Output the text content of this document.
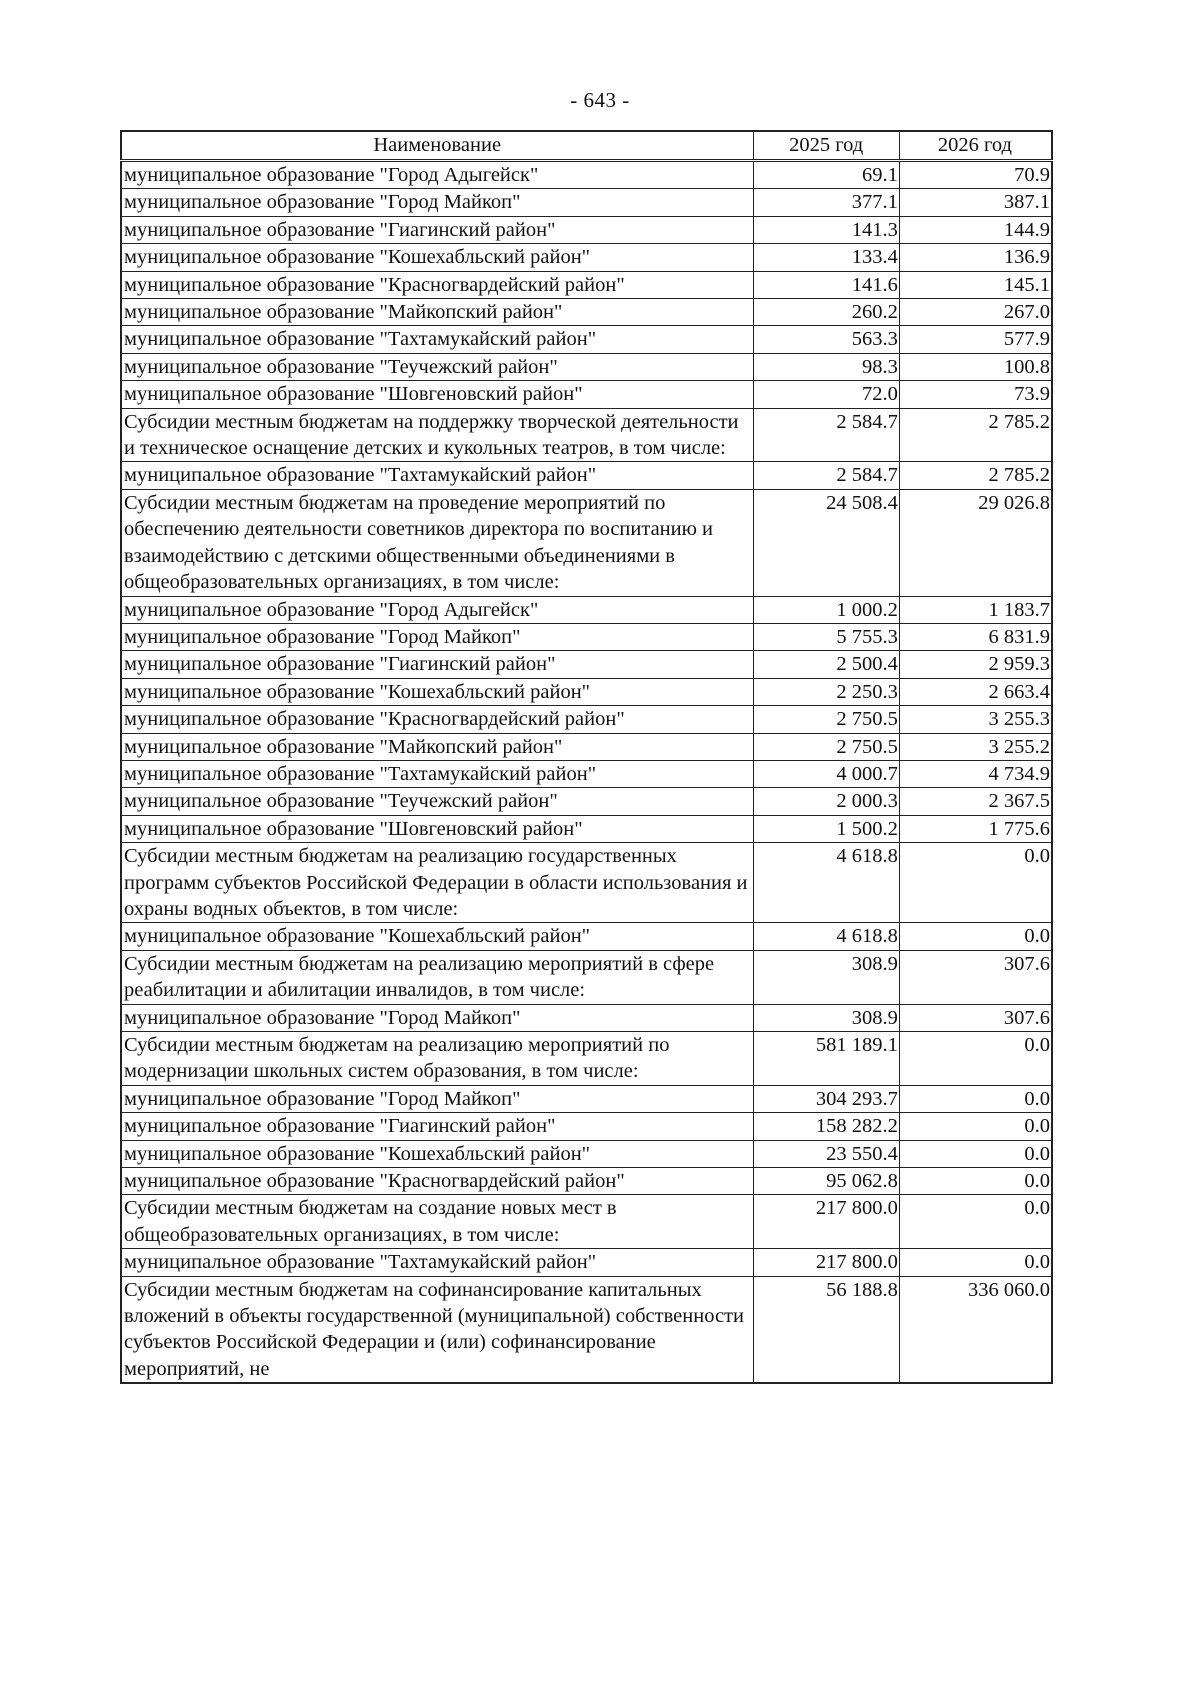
- 643 -
Наименование	2025 год	2026 год
муниципальное образование "Город Адыгейск"	69.1	70.9
муниципальное образование "Город Майкоп"	377.1	387.1
муниципальное образование "Гиагинский район"	141.3	144.9
муниципальное образование "Кошехабльский район"	133.4	136.9
муниципальное образование "Красногвардейский район"	141.6	145.1
муниципальное образование "Майкопский район"	260.2	267.0
муниципальное образование "Тахтамукайский район"	563.3	577.9
муниципальное образование "Теучежский район"	98.3	100.8
муниципальное образование "Шовгеновский район"	72.0	73.9
Субсидии местным бюджетам на поддержку творческой деятельности и техническое оснащение детских и кукольных театров, в том числе:	2 584.7	2 785.2
муниципальное образование "Тахтамукайский район"	2 584.7	2 785.2
Субсидии местным бюджетам на проведение мероприятий по обеспечению деятельности советников директора по воспитанию и взаимодействию с детскими общественными объединениями в общеобразовательных организациях, в том числе:	24 508.4	29 026.8
муниципальное образование "Город Адыгейск"	1 000.2	1 183.7
муниципальное образование "Город Майкоп"	5 755.3	6 831.9
муниципальное образование "Гиагинский район"	2 500.4	2 959.3
муниципальное образование "Кошехабльский район"	2 250.3	2 663.4
муниципальное образование "Красногвардейский район"	2 750.5	3 255.3
муниципальное образование "Майкопский район"	2 750.5	3 255.2
муниципальное образование "Тахтамукайский район"	4 000.7	4 734.9
муниципальное образование "Теучежский район"	2 000.3	2 367.5
муниципальное образование "Шовгеновский район"	1 500.2	1 775.6
Субсидии местным бюджетам на реализацию государственных программ субъектов Российской Федерации в области использования и охраны водных объектов, в том числе:	4 618.8	0.0
муниципальное образование "Кошехабльский район"	4 618.8	0.0
Субсидии местным бюджетам на реализацию мероприятий в сфере реабилитации и абилитации инвалидов, в том числе:	308.9	307.6
муниципальное образование "Город Майкоп"	308.9	307.6
Субсидии местным бюджетам на реализацию мероприятий по модернизации школьных систем образования, в том числе:	581 189.1	0.0
муниципальное образование "Город Майкоп"	304 293.7	0.0
муниципальное образование "Гиагинский район"	158 282.2	0.0
муниципальное образование "Кошехабльский район"	23 550.4	0.0
муниципальное образование "Красногвардейский район"	95 062.8	0.0
Субсидии местным бюджетам на создание новых мест в общеобразовательных организациях, в том числе:	217 800.0	0.0
муниципальное образование "Тахтамукайский район"	217 800.0	0.0
Субсидии местным бюджетам на софинансирование капитальных вложений в объекты государственной (муниципальной) собственности субъектов Российской Федерации и (или) софинансирование мероприятий, не	56 188.8	336 060.0
